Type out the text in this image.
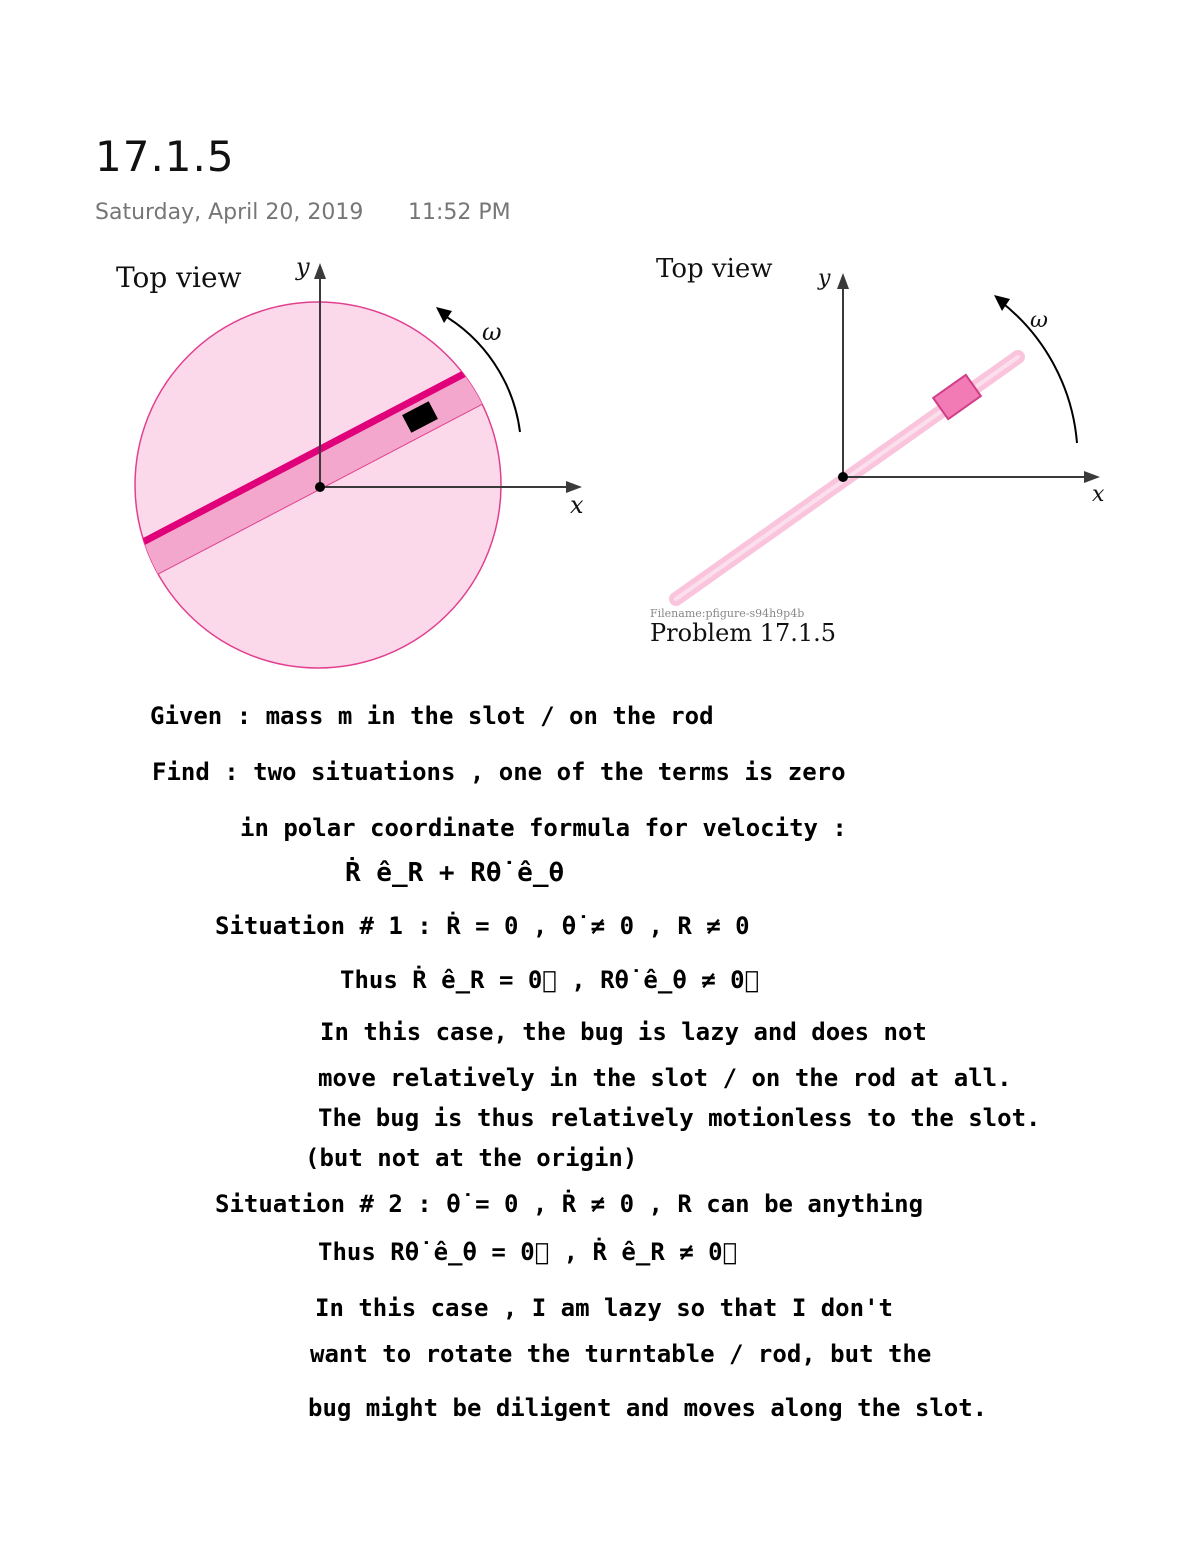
17.1.5
Saturday, April 20, 2019 11:52 PM
Top view y
x
ω
Top view y
x
ω
Filename:pfigure-s94h9p4b
Problem 17.1.5
Given : mass m in the slot / on the rod
Find : two situations , one of the terms is zero
in polar coordinate formula for velocity :
Ṙ ê_R + Rθ̇ ê_θ
Situation # 1 : Ṙ = 0 , θ̇ ≠ 0 , R ≠ 0
Thus Ṙ ê_R = 0⃗ , Rθ̇ ê_θ ≠ 0⃗
In this case, the bug is lazy and does not
move relatively in the slot / on the rod at all.
The bug is thus relatively motionless to the slot.
(but not at the origin)
Situation # 2 : θ̇ = 0 , Ṙ ≠ 0 , R can be anything
Thus Rθ̇ ê_θ = 0⃗ , Ṙ ê_R ≠ 0⃗
In this case , I am lazy so that I don't
want to rotate the turntable / rod, but the
bug might be diligent and moves along the slot.
